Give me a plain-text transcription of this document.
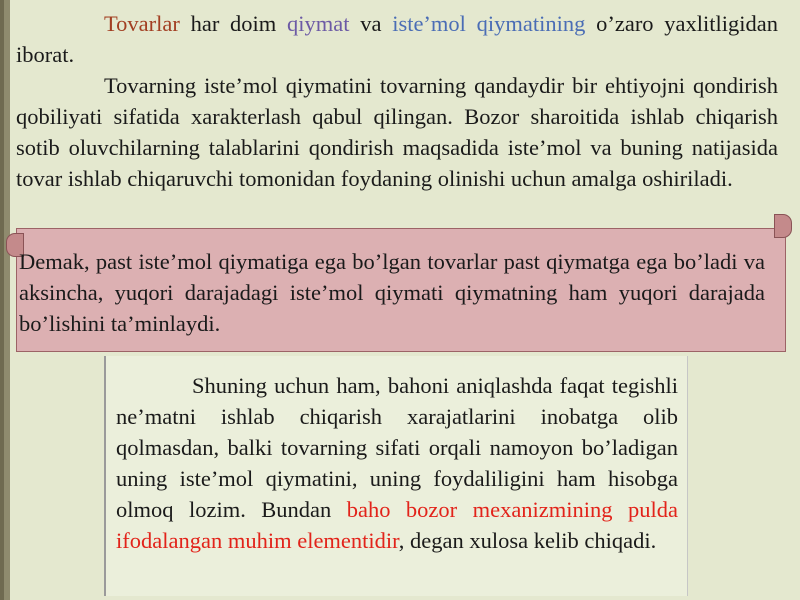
Tovarlar har doim qiymat va iste’mol qiymatining o’zaro yaxlitligidan iborat.

Tovarning iste’mol qiymatini tovarning qandaydir bir ehtiyojni qondirish qobiliyati sifatida xarakterlash qabul qilingan. Bozor sharoitida ishlab chiqarish sotib oluvchilarning talablarini qondirish maqsadida iste’mol va buning natijasida tovar ishlab chiqaruvchi tomonidan foydaning olinishi uchun amalga oshiriladi.

Demak, past iste’mol qiymatiga ega bo’lgan tovarlar past qiymatga ega bo’ladi va aksincha, yuqori darajadagi iste’mol qiymati qiymatning ham yuqori darajada bo’lishini ta’minlaydi.
Shuning uchun ham, bahoni aniqlashda faqat tegishli ne’matni ishlab chiqarish xarajatlarini inobatga olib qolmasdan, balki tovarning sifati orqali namoyon bo’ladigan uning iste’mol qiymatini, uning foydaliligini ham hisobga olmoq lozim. Bundan baho bozor mexanizmining pulda ifodalangan muhim elementidir, degan xulosa kelib chiqadi.
